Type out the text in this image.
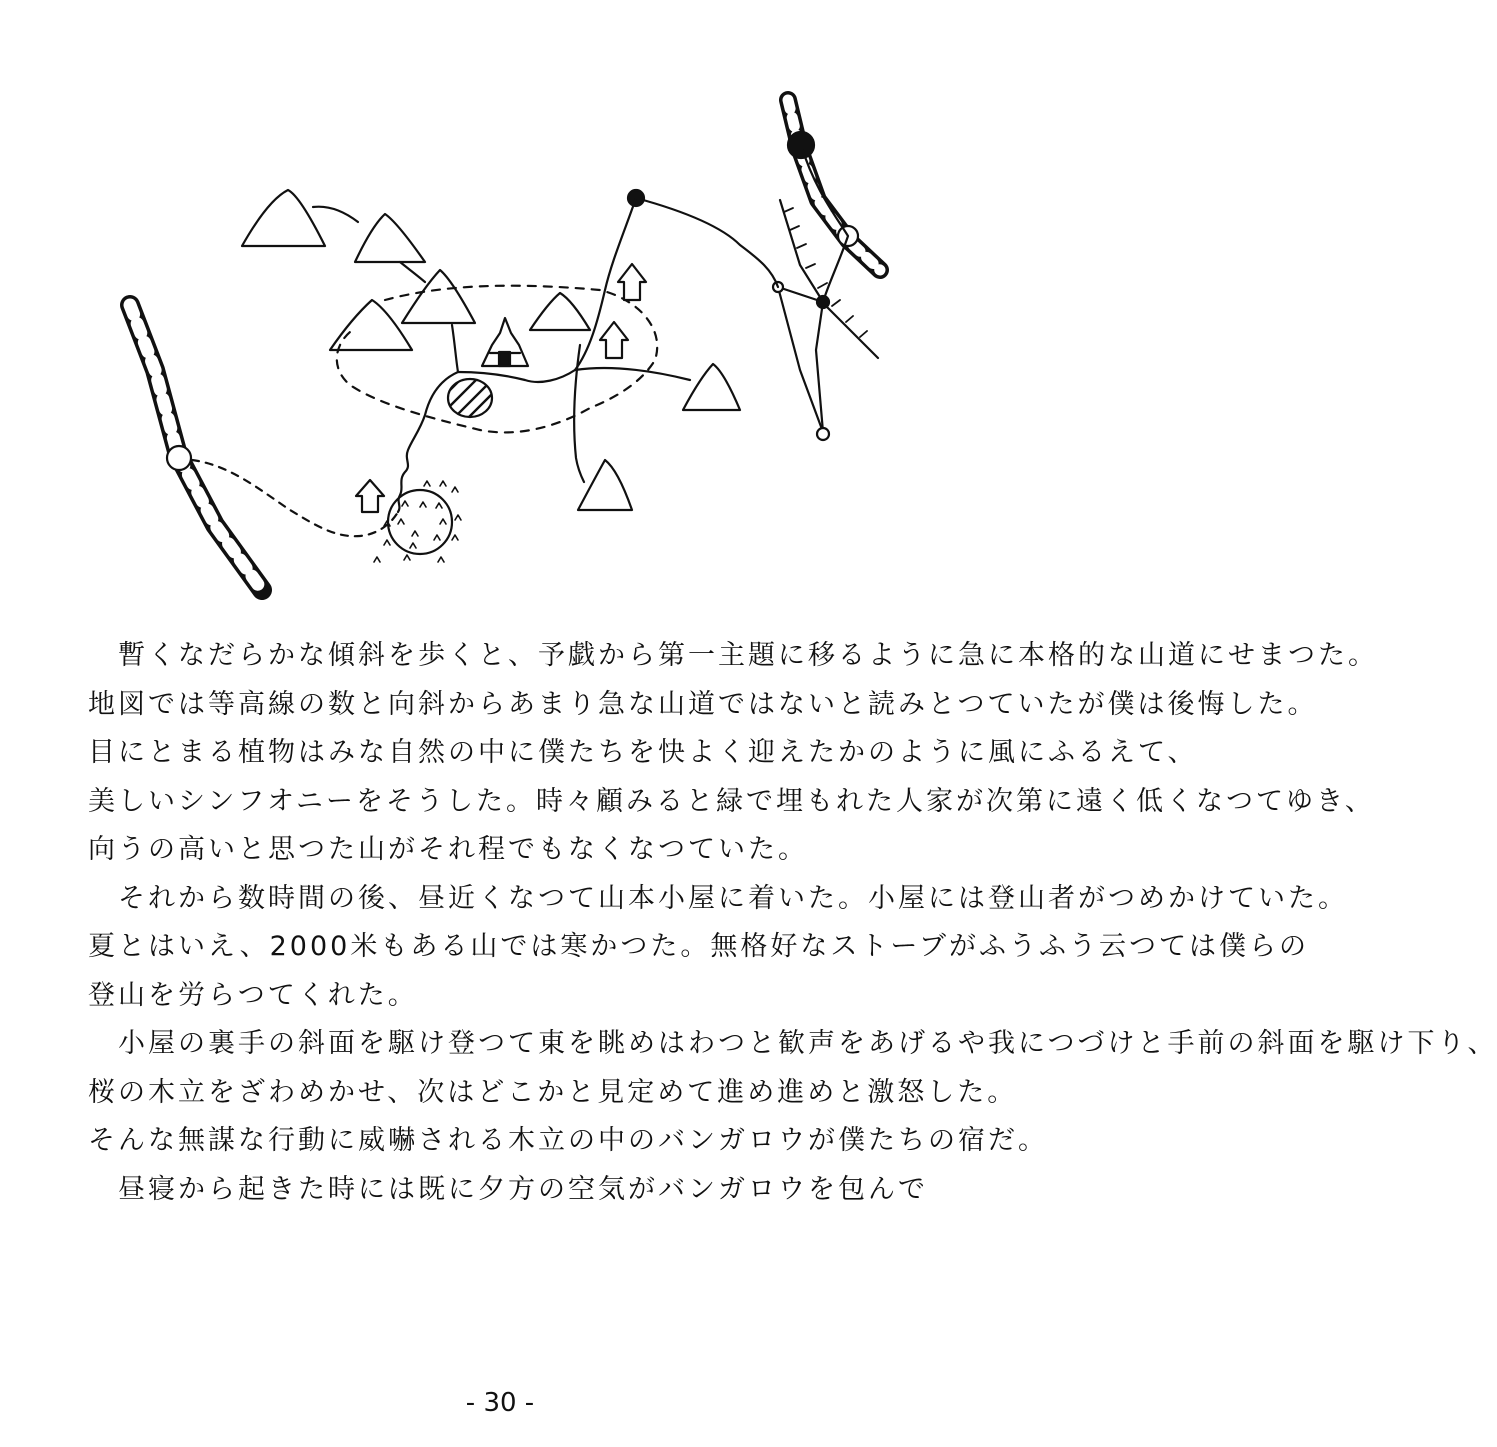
暫くなだらかな傾斜を歩くと、予戯から第一主題に移るように急に本格的な山道にせまつた。
地図では等高線の数と向斜からあまり急な山道ではないと読みとつていたが僕は後悔した。
目にとまる植物はみな自然の中に僕たちを快よく迎えたかのように風にふるえて、
美しいシンフオニーをそうした。時々顧みると緑で埋もれた人家が次第に遠く低くなつてゆき、
向うの高いと思つた山がそれ程でもなくなつていた。

それから数時間の後、昼近くなつて山本小屋に着いた。小屋には登山者がつめかけていた。
夏とはいえ、2000米もある山では寒かつた。無格好なストーブがふうふう云つては僕らの
登山を労らつてくれた。

小屋の裏手の斜面を駆け登つて東を眺めはわつと歓声をあげるや我につづけと手前の斜面を駆け下り、
桜の木立をざわめかせ、次はどこかと見定めて進め進めと激怒した。
そんな無謀な行動に威嚇される木立の中のバンガロウが僕たちの宿だ。

昼寝から起きた時には既に夕方の空気がバンガロウを包んで

- 30 -
